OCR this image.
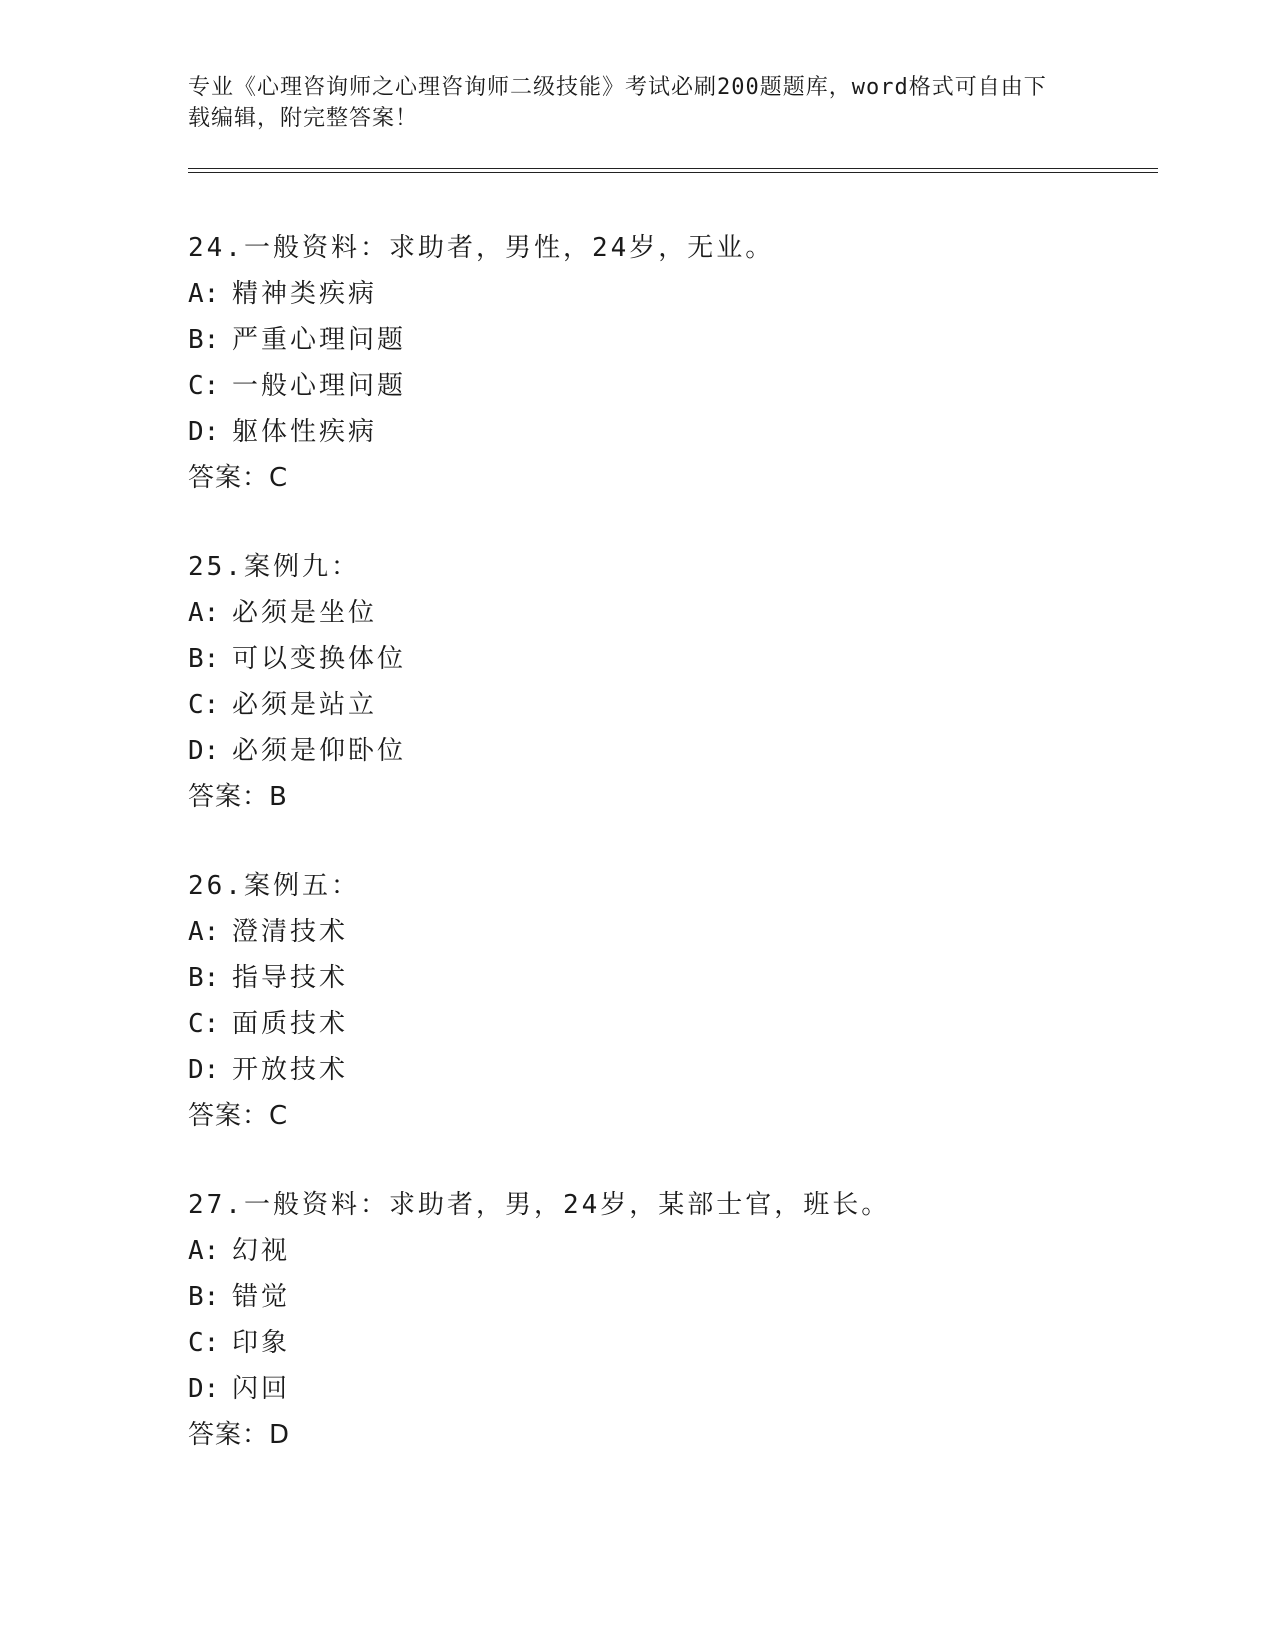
专业《心理咨询师之心理咨询师二级技能》考试必刷200题题库，word格式可自由下载编辑，附完整答案！

24.一般资料：求助者，男性，24岁，无业。
A: 精神类疾病
B: 严重心理问题
C: 一般心理问题
D: 躯体性疾病
答案：C
25.案例九：
A: 必须是坐位
B: 可以变换体位
C: 必须是站立
D: 必须是仰卧位
答案：B
26.案例五：
A: 澄清技术
B: 指导技术
C: 面质技术
D: 开放技术
答案：C
27.一般资料：求助者，男，24岁，某部士官，班长。
A: 幻视
B: 错觉
C: 印象
D: 闪回
答案：D
